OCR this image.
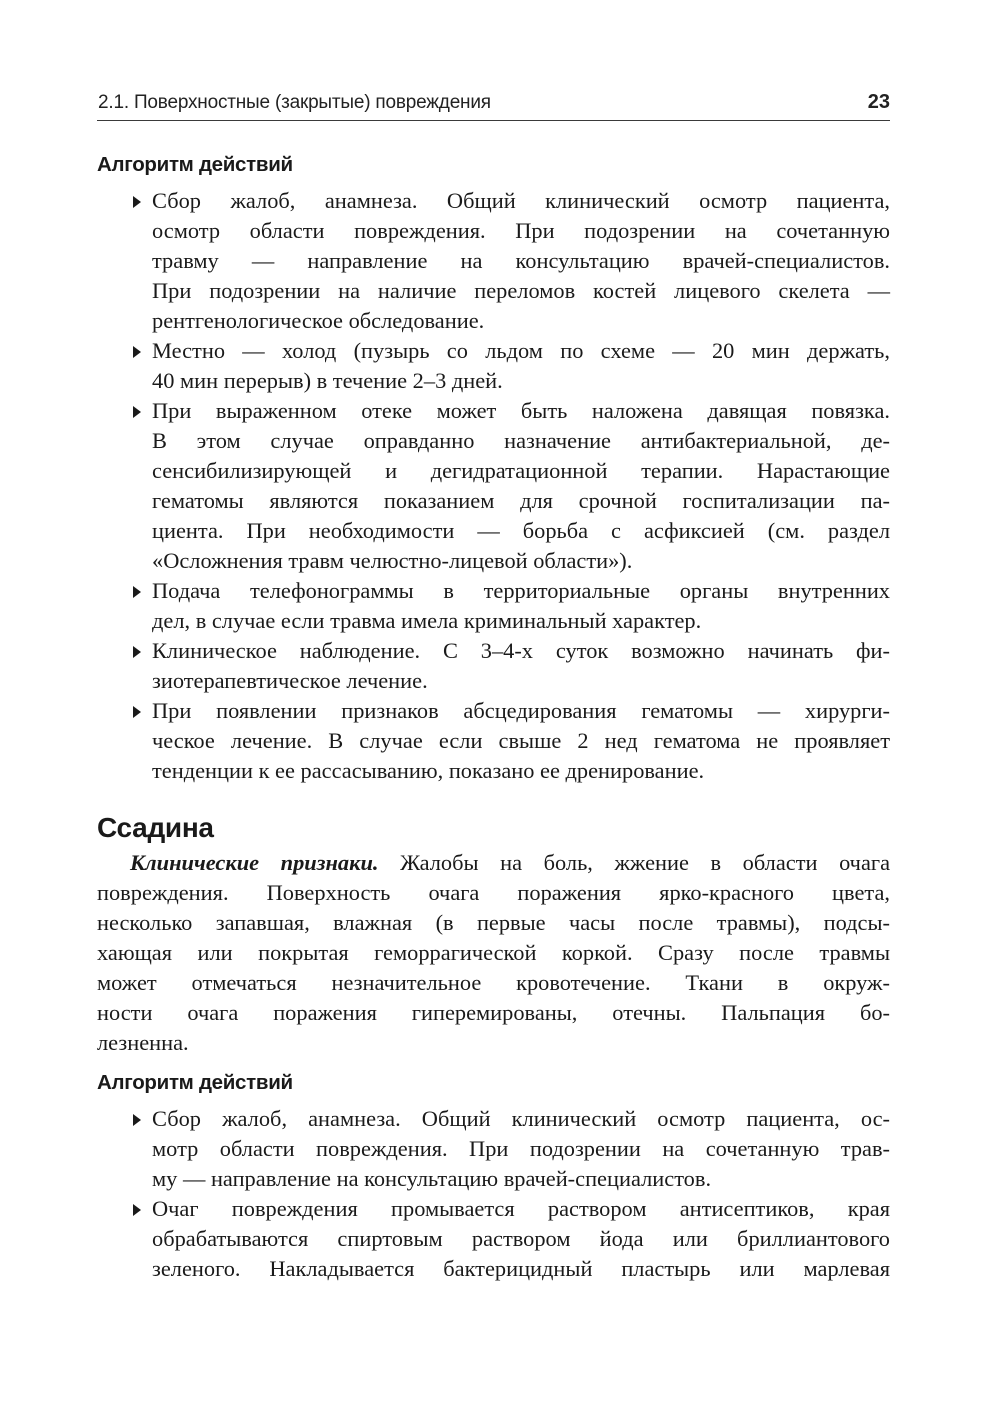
2.1. Поверхностные (закрытые) повреждения	23
Алгоритм действий
Сбор жалоб, анамнеза. Общий клинический осмотр пациента,
осмотр области повреждения. При подозрении на сочетанную
травму — направление на консультацию врачей-специалистов.
При подозрении на наличие переломов костей лицевого скелета —
рентгенологическое обследование.
Местно — холод (пузырь со льдом по схеме — 20 мин держать,
40 мин перерыв) в течение 2–3 дней.
При выраженном отеке может быть наложена давящая повязка.
В этом случае оправданно назначение антибактериальной, де-
сенсибилизирующей и дегидратационной терапии. Нарастающие
гематомы являются показанием для срочной госпитализации па-
циента. При необходимости — борьба с асфиксией (см. раздел
«Осложнения травм челюстно-лицевой области»).
Подача телефонограммы в территориальные органы внутренних
дел, в случае если травма имела криминальный характер.
Клиническое наблюдение. С 3–4-х суток возможно начинать фи-
зиотерапевтическое лечение.
При появлении признаков абсцедирования гематомы — хирурги-
ческое лечение. В случае если свыше 2 нед гематома не проявляет
тенденции к ее рассасыванию, показано ее дренирование.
Ссадина
Клинические признаки. Жалобы на боль, жжение в области очага
повреждения. Поверхность очага поражения ярко-красного цвета,
несколько запавшая, влажная (в первые часы после травмы), подсы-
хающая или покрытая геморрагической коркой. Сразу после травмы
может отмечаться незначительное кровотечение. Ткани в окруж-
ности очага поражения гиперемированы, отечны. Пальпация бо-
лезненна.
Алгоритм действий
Сбор жалоб, анамнеза. Общий клинический осмотр пациента, ос-
мотр области повреждения. При подозрении на сочетанную трав-
му — направление на консультацию врачей-специалистов.
Очаг повреждения промывается раствором антисептиков, края
обрабатываются спиртовым раствором йода или бриллиантового
зеленого. Накладывается бактерицидный пластырь или марлевая
